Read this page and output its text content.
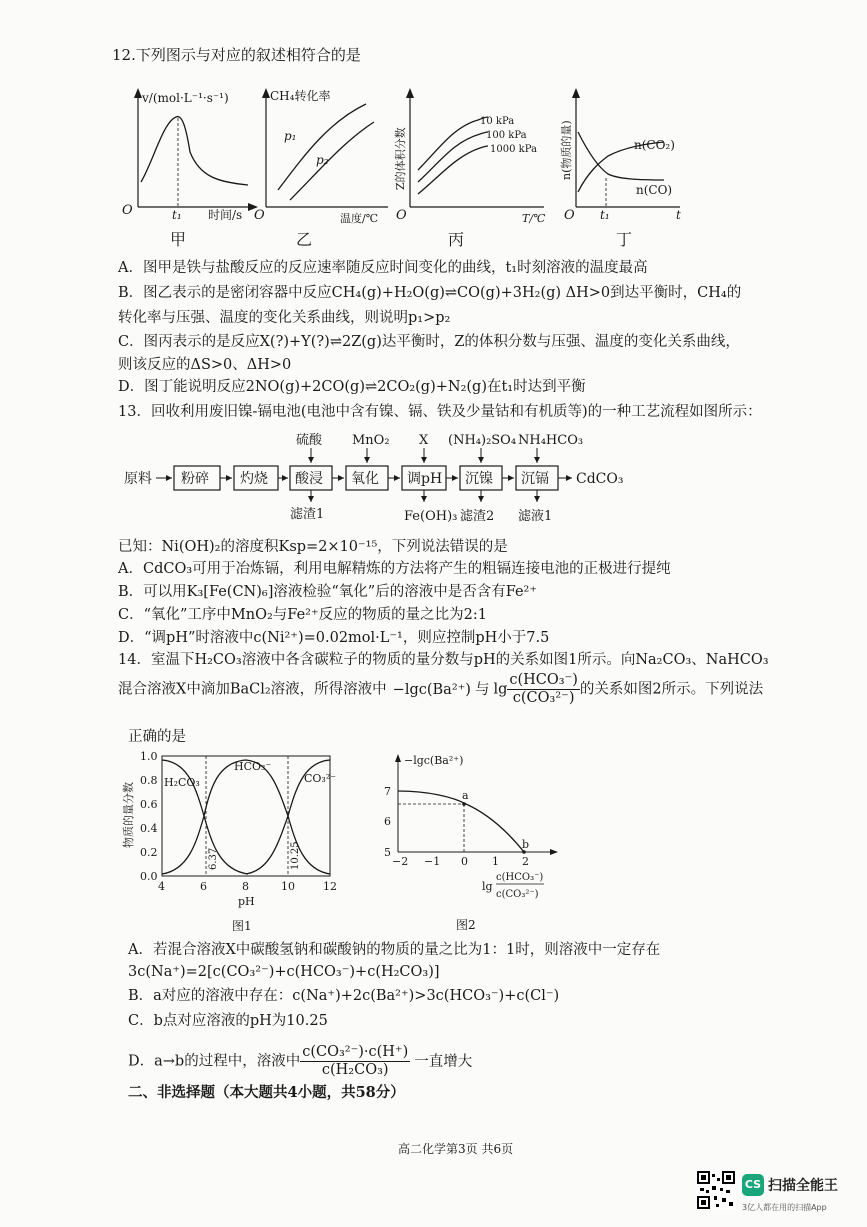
12.下列图示与对应的叙述相符合的是
v/(mol·L⁻¹·s⁻¹)
O	t₁ 时间/s
甲
CH₄转化率
p₁
p₂
O	温度/℃
乙
10 kPa
100 kPa
1000 kPa
Z的体积分数
O	T/℃
丙
n(物质的量)	n(CO₂)
n(CO)
O t₁	t
丁
A．图甲是铁与盐酸反应的反应速率随反应时间变化的曲线，t₁时刻溶液的温度最高
B．图乙表示的是密闭容器中反应CH₄(g)+H₂O(g)⇌CO(g)+3H₂(g) ΔH>0到达平衡时，CH₄的
转化率与压强、温度的变化关系曲线，则说明p₁>p₂
C．图丙表示的是反应X(?)+Y(?)⇌2Z(g)达平衡时，Z的体积分数与压强、温度的变化关系曲线，
则该反应的ΔS>0、ΔH>0
D．图丁能说明反应2NO(g)+2CO(g)⇌2CO₂(g)+N₂(g)在t₁时达到平衡
13．回收利用废旧镍-镉电池(电池中含有镍、镉、铁及少量钴和有机质等)的一种工艺流程如图所示：
原料 粉碎 灼烧 酸浸 氧化 调pH 沉镍 沉镉 CdCO₃
硫酸 MnO₂ X (NH₄)₂SO₄ NH₄HCO₃
滤渣1	Fe(OH)₃ 滤渣2 滤液1
已知：Ni(OH)₂的溶度积Ksp=2×10⁻¹⁵，下列说法错误的是
A．CdCO₃可用于冶炼镉，利用电解精炼的方法将产生的粗镉连接电池的正极进行提纯
B．可以用K₃[Fe(CN)₆]溶液检验“氧化”后的溶液中是否含有Fe²⁺
C．“氧化”工序中MnO₂与Fe²⁺反应的物质的量之比为2:1
D．“调pH”时溶液中c(Ni²⁺)=0.02mol·L⁻¹，则应控制pH小于7.5
14．室温下H₂CO₃溶液中各含碳粒子的物质的量分数与pH的关系如图1所示。向Na₂CO₃、NaHCO₃
混合溶液X中滴加BaCl₂溶液，所得溶液中 −lgc(Ba²⁺) 与 $\lg \frac{\text{c(HCO₃⁻)}}{\text{c(CO₃²⁻)}}$ 的关系如图2所示。下列说法
正确的是
1.0
0.8
0.6
0.4
0.2
0.0
4	6	8	10	12
pH
H₂CO₃
HCO₃⁻
CO₃²⁻
6.37	10.25
物质的量分数
图1
a
b
−lgc(Ba²⁺)
7
6
5
−2 −1 0 1 2
lg
c(HCO₃⁻)
c(CO₃²⁻)
图2
A．若混合溶液X中碳酸氢钠和碳酸钠的物质的量之比为1：1时，则溶液中一定存在
3c(Na⁺)=2[c(CO₃²⁻)+c(HCO₃⁻)+c(H₂CO₃)]
B．a对应的溶液中存在：c(Na⁺)+2c(Ba²⁺)>3c(HCO₃⁻)+c(Cl⁻)
C．b点对应溶液的pH为10.25
D．a→b的过程中，溶液中 $\frac{\text{c(CO₃²⁻)·c(H⁺)}}{\text{c(H₂CO₃)}}$ 一直增大
二、非选择题（本大题共4小题，共58分）
高二化学第3页 共6页
CS 扫描全能王
3亿人都在用的扫描App
